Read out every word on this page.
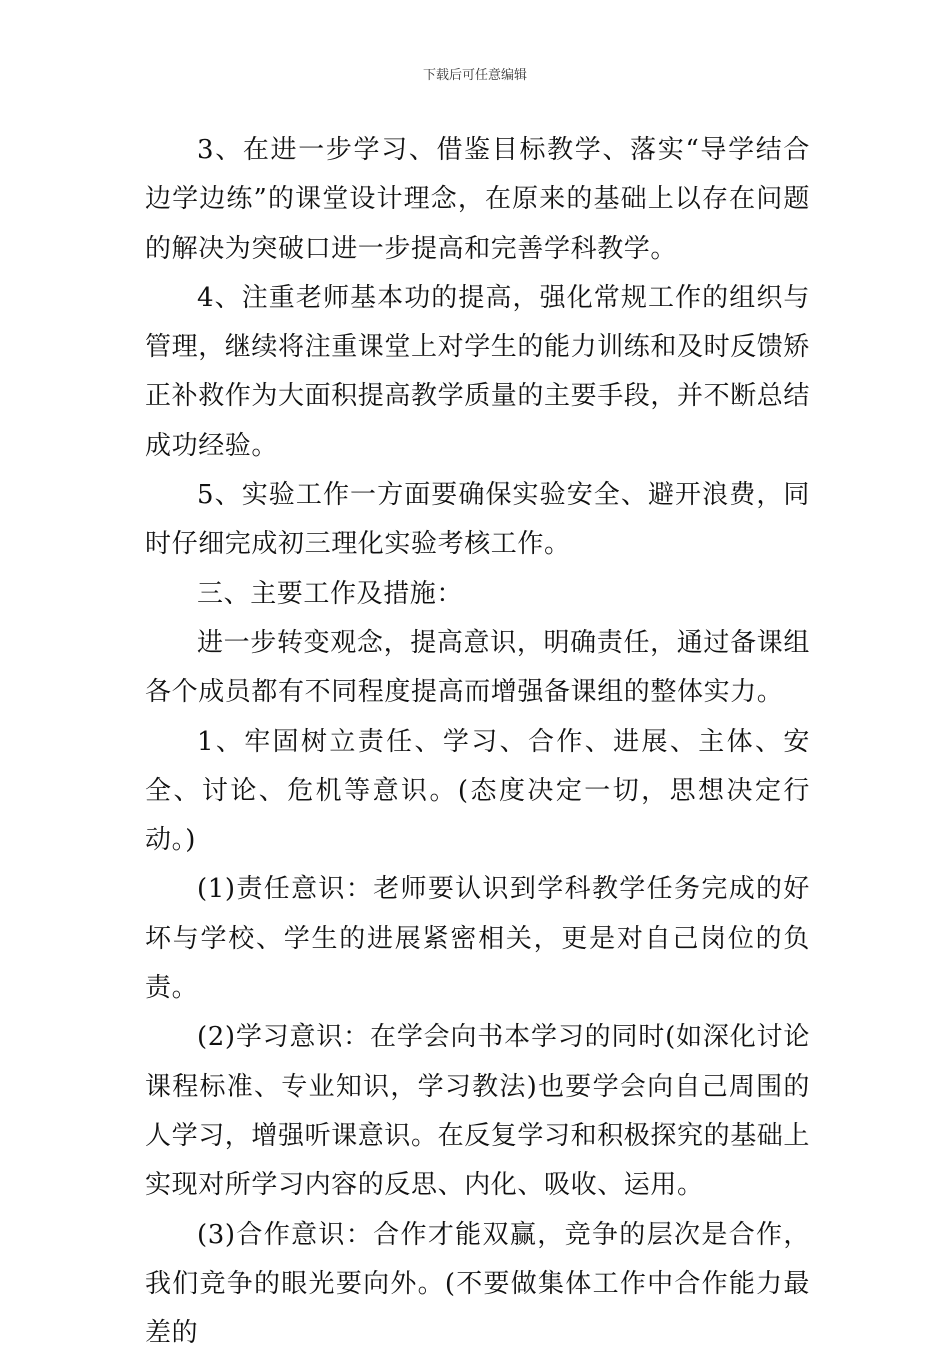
下载后可任意编辑

3、在进一步学习、借鉴目标教学、落实“导学结合边学边练”的课堂设计理念，在原来的基础上以存在问题的解决为突破口进一步提高和完善学科教学。

4、注重老师基本功的提高，强化常规工作的组织与管理，继续将注重课堂上对学生的能力训练和及时反馈矫正补救作为大面积提高教学质量的主要手段，并不断总结成功经验。

5、实验工作一方面要确保实验安全、避开浪费，同时仔细完成初三理化实验考核工作。

三、主要工作及措施：

进一步转变观念，提高意识，明确责任，通过备课组各个成员都有不同程度提高而增强备课组的整体实力。

1、牢固树立责任、学习、合作、进展、主体、安全、讨论、危机等意识。(态度决定一切，思想决定行动。)

(1)责任意识：老师要认识到学科教学任务完成的好坏与学校、学生的进展紧密相关，更是对自己岗位的负责。

(2)学习意识：在学会向书本学习的同时(如深化讨论课程标准、专业知识，学习教法)也要学会向自己周围的人学习，增强听课意识。在反复学习和积极探究的基础上实现对所学习内容的反思、内化、吸收、运用。

(3)合作意识：合作才能双赢，竞争的层次是合作，我们竞争的眼光要向外。(不要做集体工作中合作能力最差的
